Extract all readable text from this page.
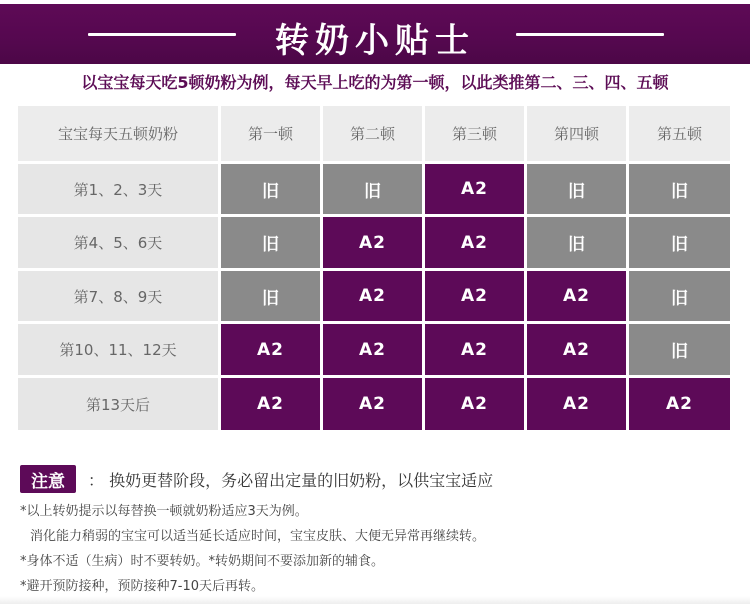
转奶小贴士
以宝宝每天吃5顿奶粉为例，每天早上吃的为第一顿，以此类推第二、三、四、五顿
宝宝每天五顿奶粉	第一顿	第二顿	第三顿	第四顿	第五顿
第1、2、3天	旧	旧	A2	旧	旧
第4、5、6天	旧	A2	A2	旧	旧
第7、8、9天	旧	A2	A2	A2	旧
第10、11、12天	A2	A2	A2	A2	旧
第13天后	A2	A2	A2	A2	A2
注意	： 换奶更替阶段，务必留出定量的旧奶粉，以供宝宝适应
*以上转奶提示以每替换一顿就奶粉适应3天为例。
消化能力稍弱的宝宝可以适当延长适应时间，宝宝皮肤、大便无异常再继续转。
*身体不适（生病）时不要转奶。*转奶期间不要添加新的辅食。
*避开预防接种，预防接种7-10天后再转。
